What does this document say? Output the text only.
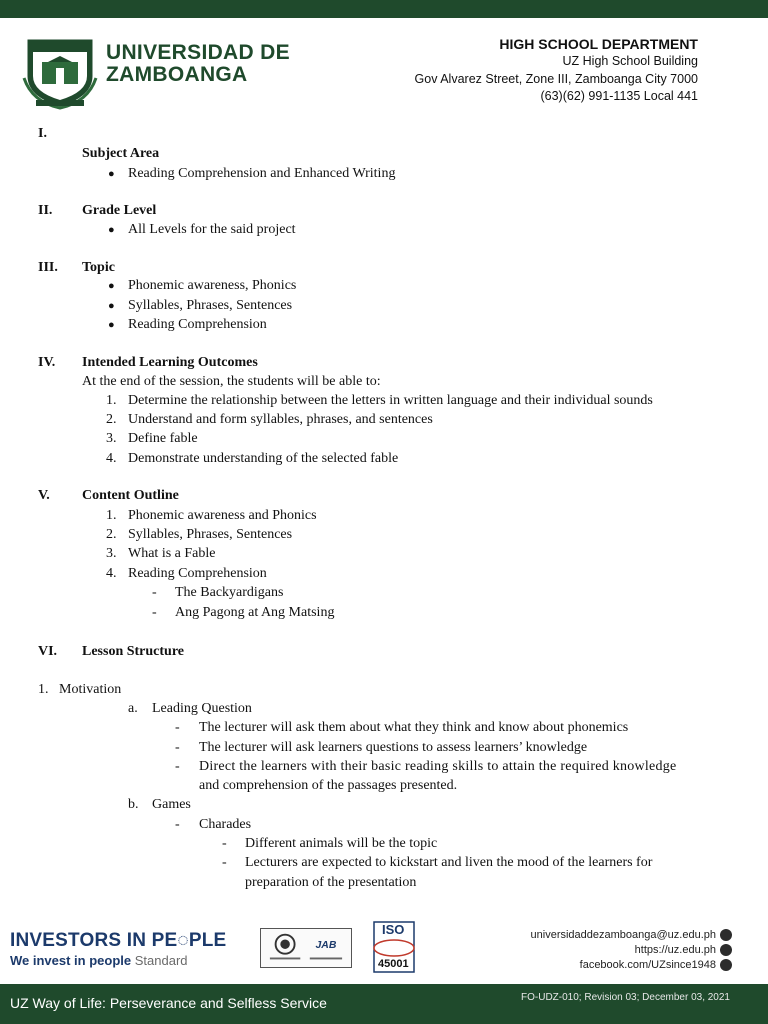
UNIVERSIDAD DE
ZAMBOANGA
HIGH SCHOOL DEPARTMENT
UZ High School Building
Gov Alvarez Street, Zone III, Zamboanga City 7000
(63)(62) 991-1135 Local 441
I.
Subject Area
● Reading Comprehension and Enhanced Writing
II. Grade Level
● All Levels for the said project
III. Topic
● Phonemic awareness, Phonics
● Syllables, Phrases, Sentences
● Reading Comprehension
IV. Intended Learning Outcomes
At the end of the session, the students will be able to:
1. Determine the relationship between the letters in written language and their individual sounds
2. Understand and form syllables, phrases, and sentences
3. Define fable
4. Demonstrate understanding of the selected fable
V. Content Outline
1. Phonemic awareness and Phonics
2. Syllables, Phrases, Sentences
3. What is a Fable
4. Reading Comprehension
- The Backyardigans
- Ang Pagong at Ang Matsing
VI. Lesson Structure
1. Motivation
a. Leading Question
- The lecturer will ask them about what they think and know about phonemics
- The lecturer will ask learners questions to assess learners’ knowledge
- Direct the learners with their basic reading skills to attain the required knowledge
and comprehension of the passages presented.
b. Games
- Charades
- Different animals will be the topic
- Lecturers are expected to kickstart and liven the mood of the learners for
preparation of the presentation
INVESTORS IN PE◌PLE
We invest in people Standard
JAB
ISO
45001
universidaddezamboanga@uz.edu.ph
https://uz.edu.ph
facebook.com/UZsince1948
UZ Way of Life: Perseverance and Selfless Service	FO-UDZ-010; Revision 03; December 03, 2021
